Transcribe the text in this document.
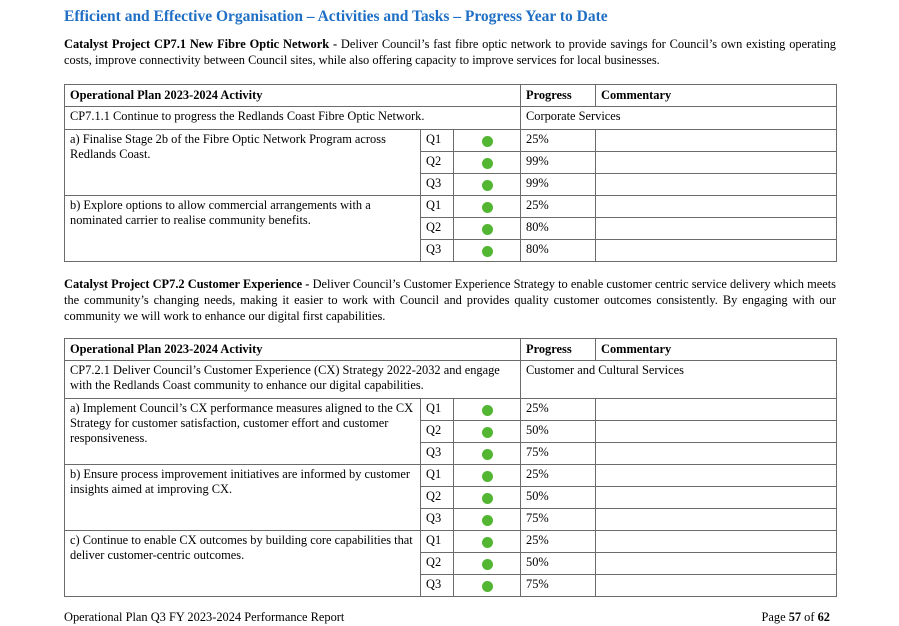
Efficient and Effective Organisation – Activities and Tasks – Progress Year to Date
Catalyst Project CP7.1 New Fibre Optic Network - Deliver Council’s fast fibre optic network to provide savings for Council’s own existing operating costs, improve connectivity between Council sites, while also offering capacity to improve services for local businesses.
Operational Plan 2023-2024 Activity			Progress	Commentary
CP7.1.1 Continue to progress the Redlands Coast Fibre Optic Network.			Corporate Services	
a) Finalise Stage 2b of the Fibre Optic Network Program across Redlands Coast.	Q1		25%	
	Q2		99%	
	Q3		99%	
b) Explore options to allow commercial arrangements with a nominated carrier to realise community benefits.	Q1		25%	
	Q2		80%	
	Q3		80%	
Catalyst Project CP7.2 Customer Experience - Deliver Council’s Customer Experience Strategy to enable customer centric service delivery which meets the community’s changing needs, making it easier to work with Council and provides quality customer outcomes consistently. By engaging with our community we will work to enhance our digital first capabilities.
Operational Plan 2023-2024 Activity			Progress	Commentary
CP7.2.1 Deliver Council’s Customer Experience (CX) Strategy 2022-2032 and engage with the Redlands Coast community to enhance our digital capabilities.			Customer and Cultural Services	
a) Implement Council’s CX performance measures aligned to the CX Strategy for customer satisfaction, customer effort and customer responsiveness.	Q1		25%	
	Q2		50%	
	Q3		75%	
b) Ensure process improvement initiatives are informed by customer insights aimed at improving CX.	Q1		25%	
	Q2		50%	
	Q3		75%	
c) Continue to enable CX outcomes by building core capabilities that deliver customer-centric outcomes.	Q1		25%	
	Q2		50%	
	Q3		75%	
Operational Plan Q3 FY 2023-2024 Performance Report	Page 57 of 62
